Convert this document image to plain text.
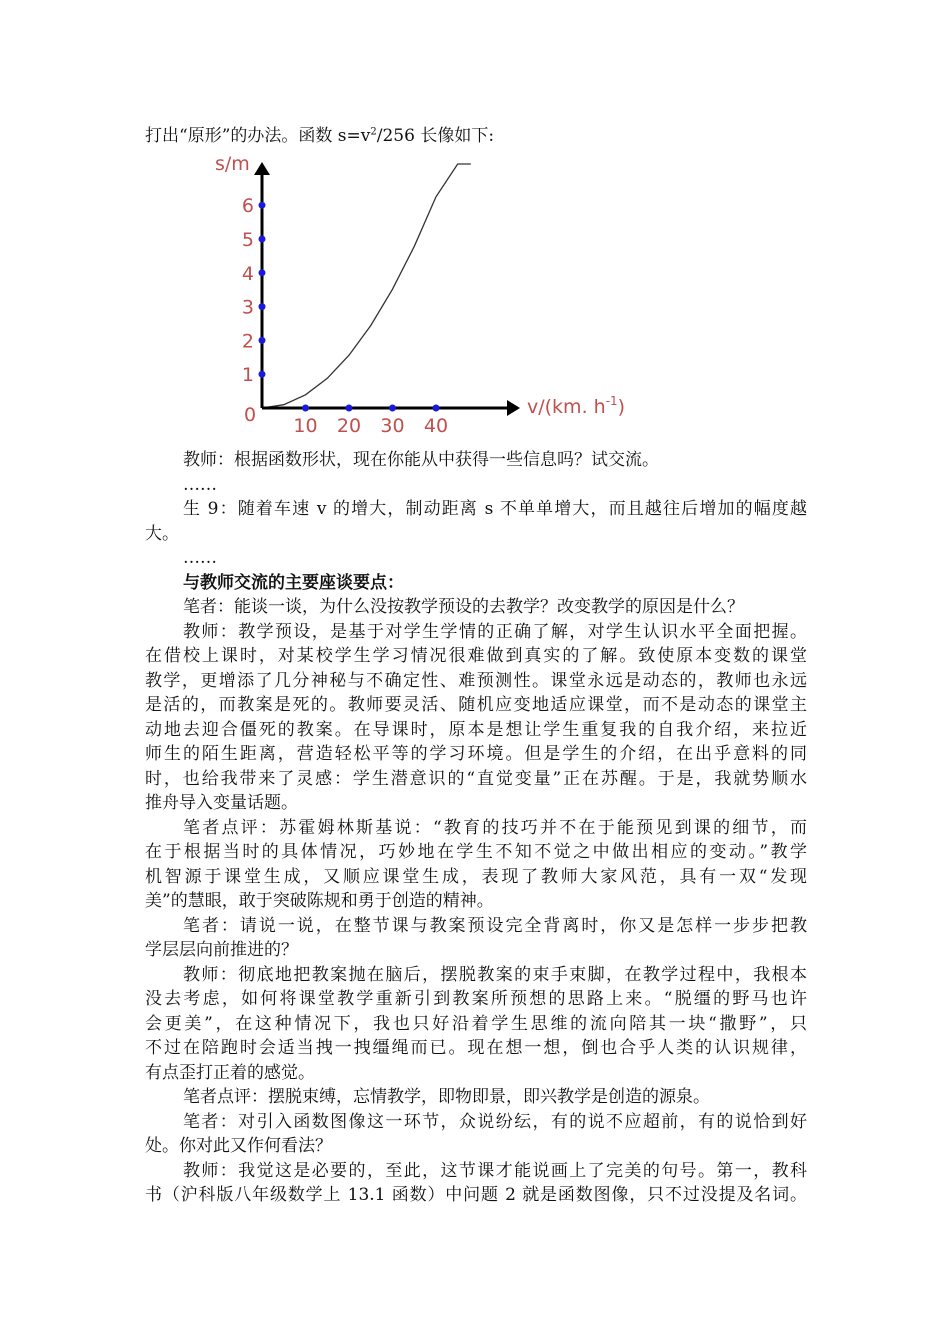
打出“原形”的办法。函数 $s=v^2/256$ 长像如下:
10 20 30 40
1
2
3
4
5
6
s/m
0	v/(km. $h^{-1}$)
教师：根据函数形状，现在你能从中获得一些信息吗？试交流。
……
生 9：随着车速 v 的增大，制动距离 s 不单单增大，而且越往后增加的幅度越
大。
……
与教师交流的主要座谈要点：
笔者：能谈一谈，为什么没按教学预设的去教学？改变教学的原因是什么？
教师：教学预设，是基于对学生学情的正确了解，对学生认识水平全面把握。
在借校上课时，对某校学生学习情况很难做到真实的了解。致使原本变数的课堂
教学，更增添了几分神秘与不确定性、难预测性。课堂永远是动态的，教师也永远
是活的，而教案是死的。教师要灵活、随机应变地适应课堂，而不是动态的课堂主
动地去迎合僵死的教案。在导课时，原本是想让学生重复我的自我介绍，来拉近
师生的陌生距离，营造轻松平等的学习环境。但是学生的介绍，在出乎意料的同
时，也给我带来了灵感：学生潜意识的“直觉变量”正在苏醒。于是，我就势顺水
推舟导入变量话题。
笔者点评：苏霍姆林斯基说：“教育的技巧并不在于能预见到课的细节，而
在于根据当时的具体情况，巧妙地在学生不知不觉之中做出相应的变动。”教学
机智源于课堂生成，又顺应课堂生成，表现了教师大家风范，具有一双“发现
美”的慧眼，敢于突破陈规和勇于创造的精神。
笔者：请说一说，在整节课与教案预设完全背离时，你又是怎样一步步把教
学层层向前推进的？
教师：彻底地把教案抛在脑后，摆脱教案的束手束脚，在教学过程中，我根本
没去考虑，如何将课堂教学重新引到教案所预想的思路上来。“脱缰的野马也许
会更美”，在这种情况下，我也只好沿着学生思维的流向陪其一块“撒野”，只
不过在陪跑时会适当拽一拽缰绳而已。现在想一想，倒也合乎人类的认识规律，
有点歪打正着的感觉。
笔者点评：摆脱束缚，忘情教学，即物即景，即兴教学是创造的源泉。
笔者：对引入函数图像这一环节，众说纷纭，有的说不应超前，有的说恰到好
处。你对此又作何看法？
教师：我觉这是必要的，至此，这节课才能说画上了完美的句号。第一，教科
书（沪科版八年级数学上 13.1 函数）中问题 2 就是函数图像，只不过没提及名词。
